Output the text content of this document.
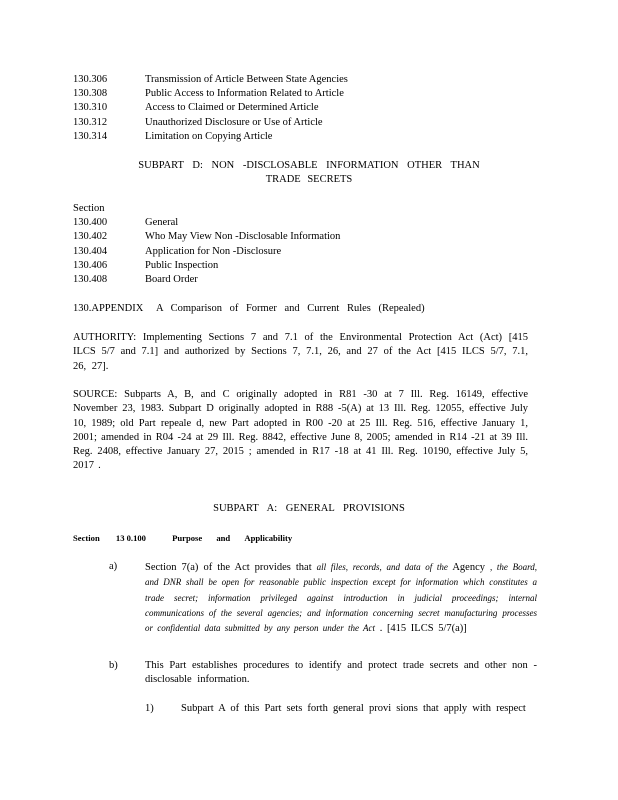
130.306	Transmission of Article Between State Agencies
130.308	Public Access to Information Related to Article
130.310	Access to Claimed or Determined Article
130.312	Unauthorized Disclosure or Use of Article
130.314	Limitation on Copying Article
SUBPART D: NON -DISCLOSABLE INFORMATION OTHER THAN
TRADE SECRETS
Section
130.400	General
130.402	Who May View Non -Disclosable Information
130.404	Application for Non -Disclosure
130.406	Public Inspection
130.408	Board Order
130.APPENDIX A Comparison of Former and Current Rules (Repealed)
AUTHORITY: Implementing Sections 7 and 7.1 of the Environmental Protection Act (Act) [415 ILCS 5/7 and 7.1] and authorized by Sections 7, 7.1, 26, and 27 of the Act [415 ILCS 5/7, 7.1, 26, 27].
SOURCE: Subparts A, B, and C originally adopted in R81 -30 at 7 Ill. Reg. 16149, effective November 23, 1983. Subpart D originally adopted in R88 -5(A) at 13 Ill. Reg. 12055, effective July 10, 1989; old Part repeale d, new Part adopted in R00 -20 at 25 Ill. Reg. 516, effective January 1, 2001; amended in R04 -24 at 29 Ill. Reg. 8842, effective June 8, 2005; amended in R14 -21 at 39 Ill. Reg. 2408, effective January 27, 2015 ; amended in R17 -18 at 41 Ill. Reg. 10190, effective July 5, 2017 .
SUBPART A: GENERAL PROVISIONS
Section 13 0.100	Purpose and Applicability
a)	Section 7(a) of the Act provides that all files, records, and data of the Agency , the Board, and DNR shall be open for reasonable public inspection except for information which constitutes a trade secret; information privileged against introduction in judicial proceedings; internal communications of the several agencies; and information concerning secret manufacturing processes or confidential data submitted by any person under the Act . [415 ILCS 5/7(a)]
b)	This Part establishes procedures to identify and protect trade secrets and other non -disclosable information.
1)	Subpart A of this Part sets forth general provi sions that apply with respect
